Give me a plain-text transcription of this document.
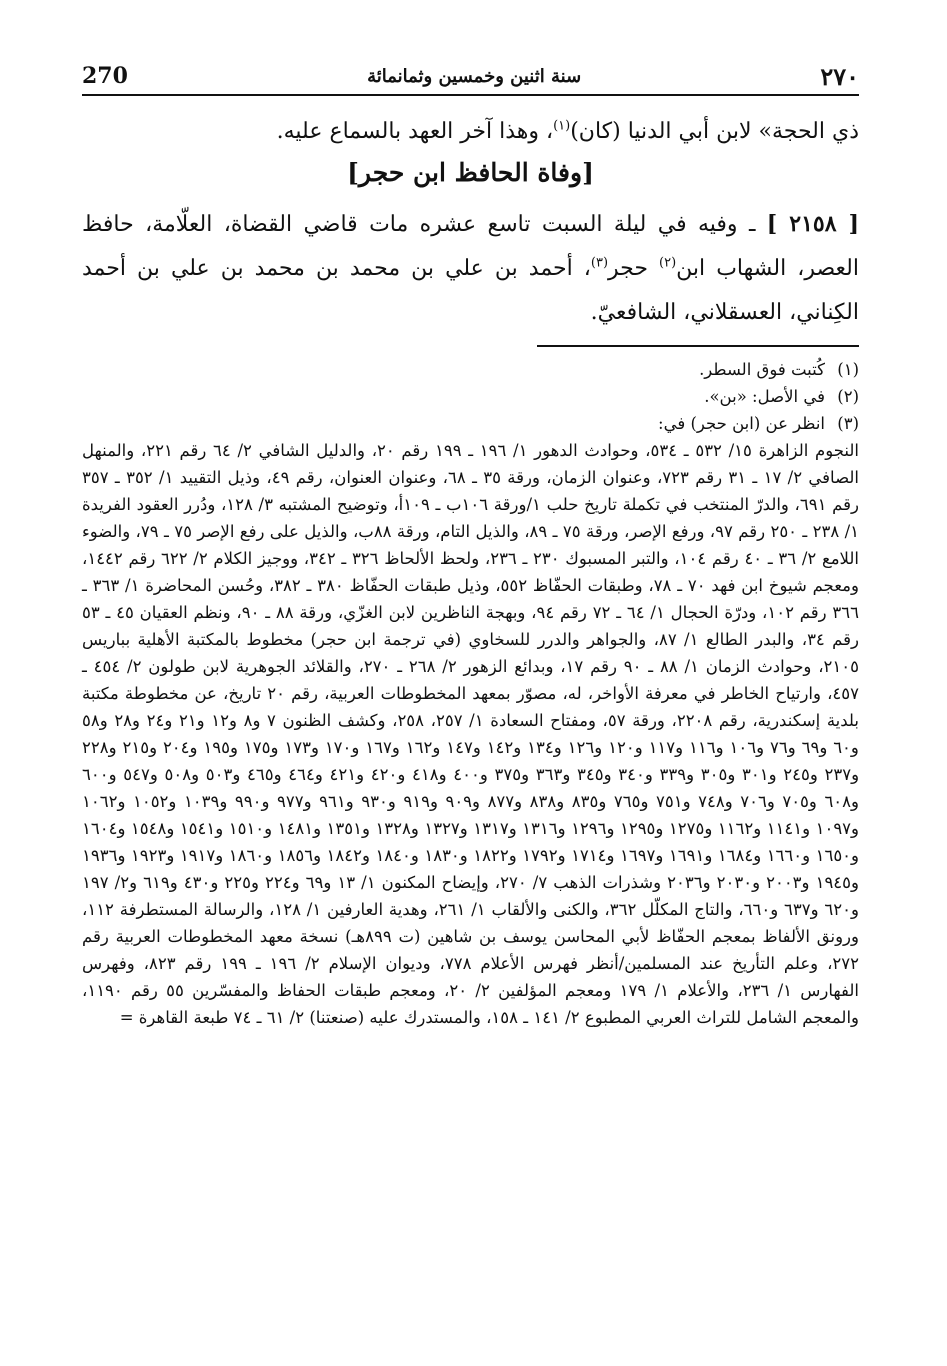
270	سنة اثنين وخمسين وثمانمائة	٢٧٠
ذي الحجة» لابن أبي الدنيا (كان)$^{(١)}$، وهذا آخر العهد بالسماع عليه.
[وفاة الحافظ ابن حجر]
[ ٢١٥٨ ] ـ وفيه في ليلة السبت تاسع عشره مات قاضي القضاة، العلّامة، حافظ العصر، الشهاب ابن$^{(٢)}$ حجر$^{(٣)}$، أحمد بن علي بن محمد بن محمد بن علي بن أحمد الكِناني، العسقلاني، الشافعيّ.
(١)كُتبت فوق السطر.
(٢)في الأصل: «بن».
(٣)انظر عن (ابن حجر) في:
النجوم الزاهرة ١٥/ ٥٣٢ ـ ٥٣٤، وحوادث الدهور ١/ ١٩٦ ـ ١٩٩ رقم ٢٠، والدليل الشافي ٢/ ٦٤ رقم ٢٢١، والمنهل الصافي ٢/ ١٧ ـ ٣١ رقم ٧٢٣، وعنوان الزمان، ورقة ٣٥ ـ ٦٨، وعنوان العنوان، رقم ٤٩، وذيل التقييد ١/ ٣٥٢ ـ ٣٥٧ رقم ٦٩١، والدرّ المنتخب في تكملة تاريخ حلب ١/ورقة ١٠٦ب ـ ١٠٩أ، وتوضيح المشتبه ٣/ ١٢٨، ودُرر العقود الفريدة ١/ ٢٣٨ ـ ٢٥٠ رقم ٩٧، ورفع الإصر، ورقة ٧٥ ـ ٨٩، والذيل التام، ورقة ٨٨ب، والذيل على رفع الإصر ٧٥ ـ ٧٩، والضوء اللامع ٢/ ٣٦ ـ ٤٠ رقم ١٠٤، والتبر المسبوك ٢٣٠ ـ ٢٣٦، ولحظ الألحاظ ٣٢٦ ـ ٣٤٢، ووجيز الكلام ٢/ ٦٢٢ رقم ١٤٤٢، ومعجم شيوخ ابن فهد ٧٠ ـ ٧٨، وطبقات الحفّاظ ٥٥٢، وذيل طبقات الحفّاظ ٣٨٠ ـ ٣٨٢، وحُسن المحاضرة ١/ ٣٦٣ ـ ٣٦٦ رقم ١٠٢، ودرّة الحجال ١/ ٦٤ ـ ٧٢ رقم ٩٤، وبهجة الناظرين لابن الغزّي، ورقة ٨٨ ـ ٩٠، ونظم العقيان ٤٥ ـ ٥٣ رقم ٣٤، والبدر الطالع ١/ ٨٧، والجواهر والدرر للسخاوي (في ترجمة ابن حجر) مخطوط بالمكتبة الأهلية بباريس ٢١٠٥، وحوادث الزمان ١/ ٨٨ ـ ٩٠ رقم ١٧، وبدائع الزهور ٢/ ٢٦٨ ـ ٢٧٠، والقلائد الجوهرية لابن طولون ٢/ ٤٥٤ ـ ٤٥٧، وارتياح الخاطر في معرفة الأواخر، له، مصوّر بمعهد المخطوطات العربية، رقم ٢٠ تاريخ، عن مخطوطة مكتبة بلدية إسكندرية، رقم ٢٢٠٨، ورقة ٥٧، ومفتاح السعادة ١/ ٢٥٧، ٢٥٨، وكشف الظنون ٧ و٨ و١٢ و٢١ و٢٤ و٢٨ و٥٨ و٦٠ و٦٩ و٧٦ و١٠٦ و١١٦ و١١٧ و١٢٠ و١٢٦ و١٣٤ و١٤٢ و١٤٧ و١٦٢ و١٦٧ و١٧٠ و١٧٣ و١٧٥ و١٩٥ و٢٠٤ و٢١٥ و٢٢٨ و٢٣٧ و٢٤٥ و٣٠١ و٣٠٥ و٣٣٩ و٣٤٠ و٣٤٥ و٣٦٣ و٣٧٥ و٤٠٠ و٤١٨ و٤٢٠ و٤٢١ و٤٦٤ و٤٦٥ و٥٠٣ و٥٠٨ و٥٤٧ و٦٠٠ و٦٠٨ و٧٠٥ و٧٠٦ و٧٤٨ و٧٥١ و٧٦٥ و٨٣٥ و٨٣٨ و٨٧٧ و٩٠٩ و٩١٩ و٩٣٠ و٩٦١ و٩٧٧ و٩٩٠ و١٠٣٩ و١٠٥٢ و١٠٦٢ و١٠٩٧ و١١٤١ و١١٦٢ و١٢٧٥ و١٢٩٥ و١٢٩٦ و١٣١٦ و١٣١٧ و١٣٢٧ و١٣٢٨ و١٣٥١ و١٤٨١ و١٥١٠ و١٥٤١ و١٥٤٨ و١٦٠٤ و١٦٥٠ و١٦٦٠ و١٦٨٤ و١٦٩١ و١٦٩٧ و١٧١٤ و١٧٩٢ و١٨٢٢ و١٨٣٠ و١٨٤٠ و١٨٤٢ و١٨٥٦ و١٨٦٠ و١٩١٧ و١٩٢٣ و١٩٣٦ و١٩٤٥ و٢٠٠٣ و٢٠٣٠ و٢٠٣٦ وشذرات الذهب ٧/ ٢٧٠، وإيضاح المكنون ١/ ١٣ و٦٩ و٢٢٤ و٢٢٥ و٤٣٠ و٦١٩ و٢/ ١٩٧ و٦٢٠ و٦٣٧ و٦٦٠، والتاج المكلّل ٣٦٢، والكنى والألقاب ١/ ٢٦١، وهدية العارفين ١/ ١٢٨، والرسالة المستطرفة ١١٢، ورونق الألفاظ بمعجم الحفّاظ لأبي المحاسن يوسف بن شاهين (ت ٨٩٩هـ) نسخة معهد المخطوطات العربية رقم ٢٧٢، وعلم التأريخ عند المسلمين/أنظر فهرس الأعلام ٧٧٨، وديوان الإسلام ٢/ ١٩٦ ـ ١٩٩ رقم ٨٢٣، وفهرس الفهارس ١/ ٢٣٦، والأعلام ١/ ١٧٩ ومعجم المؤلفين ٢/ ٢٠، ومعجم طبقات الحفاظ والمفسّرين ٥٥ رقم ١١٩٠، والمعجم الشامل للتراث العربي المطبوع ٢/ ١٤١ ـ ١٥٨، والمستدرك عليه (صنعتنا) ٢/ ٦١ ـ ٧٤ طبعة القاهرة =
